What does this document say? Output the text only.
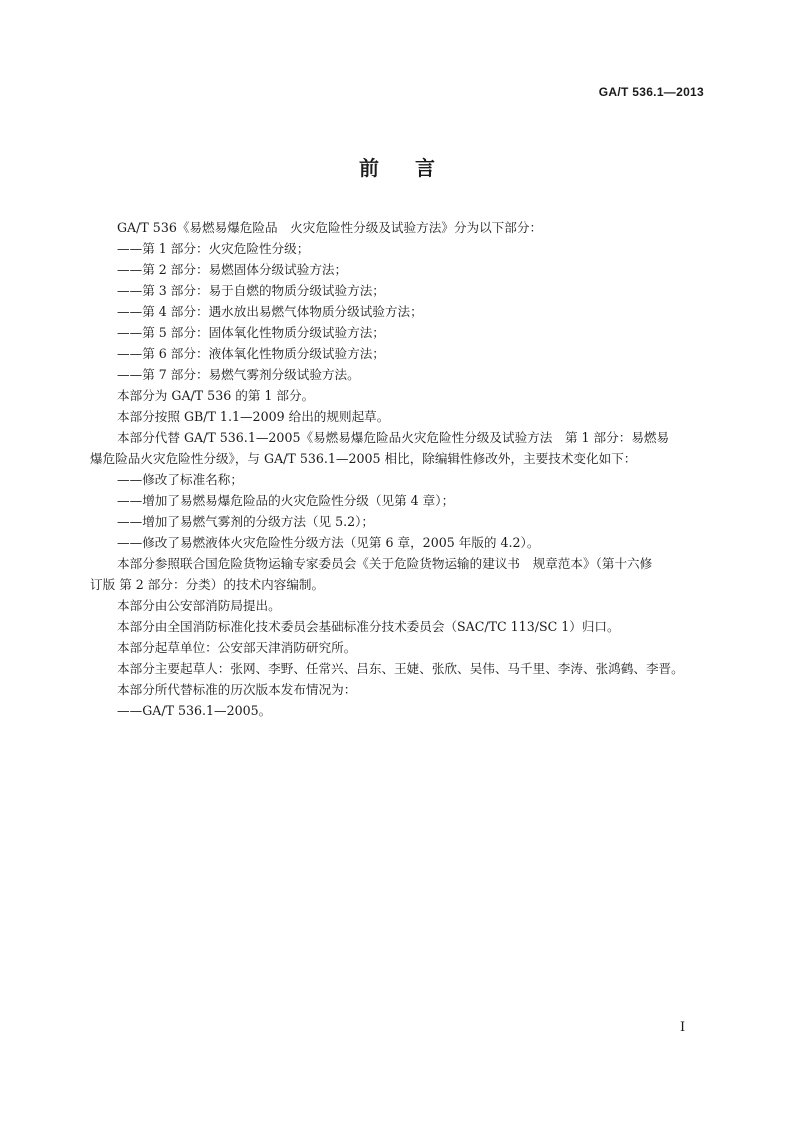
GA/T 536.1—2013
前言
GA/T 536《易燃易爆危险品　火灾危险性分级及试验方法》分为以下部分：
——第 1 部分：火灾危险性分级；
——第 2 部分：易燃固体分级试验方法；
——第 3 部分：易于自燃的物质分级试验方法；
——第 4 部分：遇水放出易燃气体物质分级试验方法；
——第 5 部分：固体氧化性物质分级试验方法；
——第 6 部分：液体氧化性物质分级试验方法；
——第 7 部分：易燃气雾剂分级试验方法。
本部分为 GA/T 536 的第 1 部分。
本部分按照 GB/T 1.1—2009 给出的规则起草。
本部分代替 GA/T 536.1—2005《易燃易爆危险品火灾危险性分级及试验方法　第 1 部分：易燃易
爆危险品火灾危险性分级》，与 GA/T 536.1—2005 相比，除编辑性修改外，主要技术变化如下：
——修改了标准名称；
——增加了易燃易爆危险品的火灾危险性分级（见第 4 章）；
——增加了易燃气雾剂的分级方法（见 5.2）；
——修改了易燃液体火灾危险性分级方法（见第 6 章，2005 年版的 4.2）。
本部分参照联合国危险货物运输专家委员会《关于危险货物运输的建议书　规章范本》（第十六修
订版 第 2 部分：分类）的技术内容编制。
本部分由公安部消防局提出。
本部分由全国消防标准化技术委员会基础标准分技术委员会（SAC/TC 113/SC 1）归口。
本部分起草单位：公安部天津消防研究所。
本部分主要起草人：张网、李野、任常兴、吕东、王婕、张欣、吴伟、马千里、李涛、张鸿鹤、李晋。
本部分所代替标准的历次版本发布情况为：
——GA/T 536.1—2005。
I
